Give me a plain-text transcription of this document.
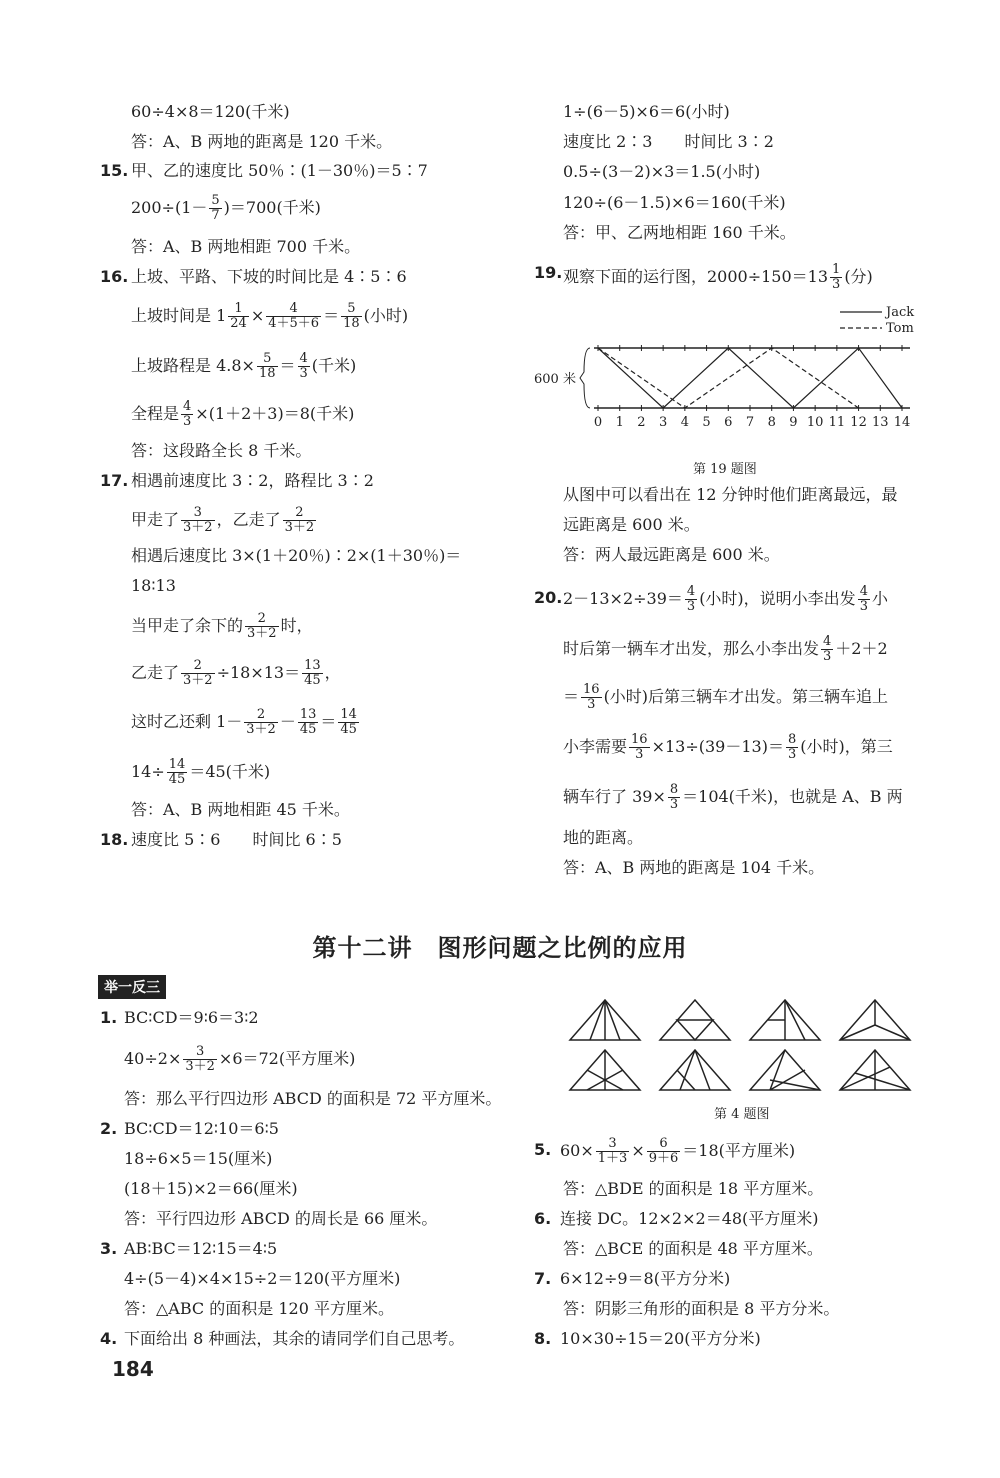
60÷4×8＝120(千米)
答：A、B 两地的距离是 120 千米。
15. 甲、乙的速度比 50％∶(1－30％)＝5∶7
$200\div(1- \frac{5}{7} )=700$(千米)
答：A、B 两地相距 700 千米。
16. 上坡、平路、下坡的时间比是 4∶5∶6
上坡时间是 $1 \frac{1}{24} \times \frac{4}{4+5+6} = \frac{5}{18}$ (小时)
上坡路程是 $4.8\times \frac{5}{18} = \frac{4}{3}$ (千米)
全程是 $\frac{4}{3} \times(1+2+3)=8$(千米)
答：这段路全长 8 千米。
17. 相遇前速度比 3∶2，路程比 3∶2
甲走了 $\frac{3}{3+2}$ ，乙走了 $\frac{2}{3+2}$
相遇后速度比 3×(1＋20％)∶2×(1＋30％)＝
18∶13
当甲走了余下的 $\frac{2}{3+2}$ 时，
乙走了 $\frac{2}{3+2} \div 18\times 13= \frac{13}{45}$ ，
这时乙还剩 $1- \frac{2}{3+2} - \frac{13}{45} = \frac{14}{45}$
$14\div \frac{14}{45} =45$(千米)
答：A、B 两地相距 45 千米。
18. 速度比 5∶6　　时间比 6∶5
1÷(6－5)×6＝6(小时)
速度比 2∶3　　时间比 3∶2
0.5÷(3－2)×3＝1.5(小时)
120÷(6－1.5)×6＝160(千米)
答：甲、乙两地相距 160 千米。
19. 观察下面的运行图，$2000\div 150=13 \frac{1}{3}$ (分)
600 米
0 1 2 3 4 5 6 7 8 9 10 11 12 13 14
Jack
Tom
第 19 题图
从图中可以看出在 12 分钟时他们距离最远，最
远距离是 600 米。
答：两人最远距离是 600 米。
20. $2-13\times 2\div 39= \frac{4}{3}$ (小时)，说明小李出发 $\frac{4}{3}$ 小
时后第一辆车才出发，那么小李出发 $\frac{4}{3} +2+2$
＝ $\frac{16}{3}$ (小时)后第三辆车才出发。第三辆车追上
小李需要 $\frac{16}{3} \times 13\div(39-13)= \frac{8}{3}$ (小时)，第三
辆车行了 $39\times \frac{8}{3} =104$(千米)，也就是 A、B 两
地的距离。
答：A、B 两地的距离是 104 千米。
第十二讲　图形问题之比例的应用
举一反三
1. BC∶CD＝9∶6＝3∶2
$40\div 2\times \frac{3}{3+2} \times 6=72$(平方厘米)
答：那么平行四边形 ABCD 的面积是 72 平方厘米。
2. BC∶CD＝12∶10＝6∶5
18÷6×5＝15(厘米)
(18＋15)×2＝66(厘米)
答：平行四边形 ABCD 的周长是 66 厘米。
3. AB∶BC＝12∶15＝4∶5
4÷(5－4)×4×15÷2＝120(平方厘米)
答：△ABC 的面积是 120 平方厘米。
4. 下面给出 8 种画法，其余的请同学们自己思考。
第 4 题图
5. $60\times \frac{3}{1+3} \times \frac{6}{9+6} =18$(平方厘米)
答：△BDE 的面积是 18 平方厘米。
6. 连接 DC。12×2×2＝48(平方厘米)
答：△BCE 的面积是 48 平方厘米。
7. 6×12÷9＝8(平方分米)
答：阴影三角形的面积是 8 平方分米。
8. 10×30÷15＝20(平方分米)
184
